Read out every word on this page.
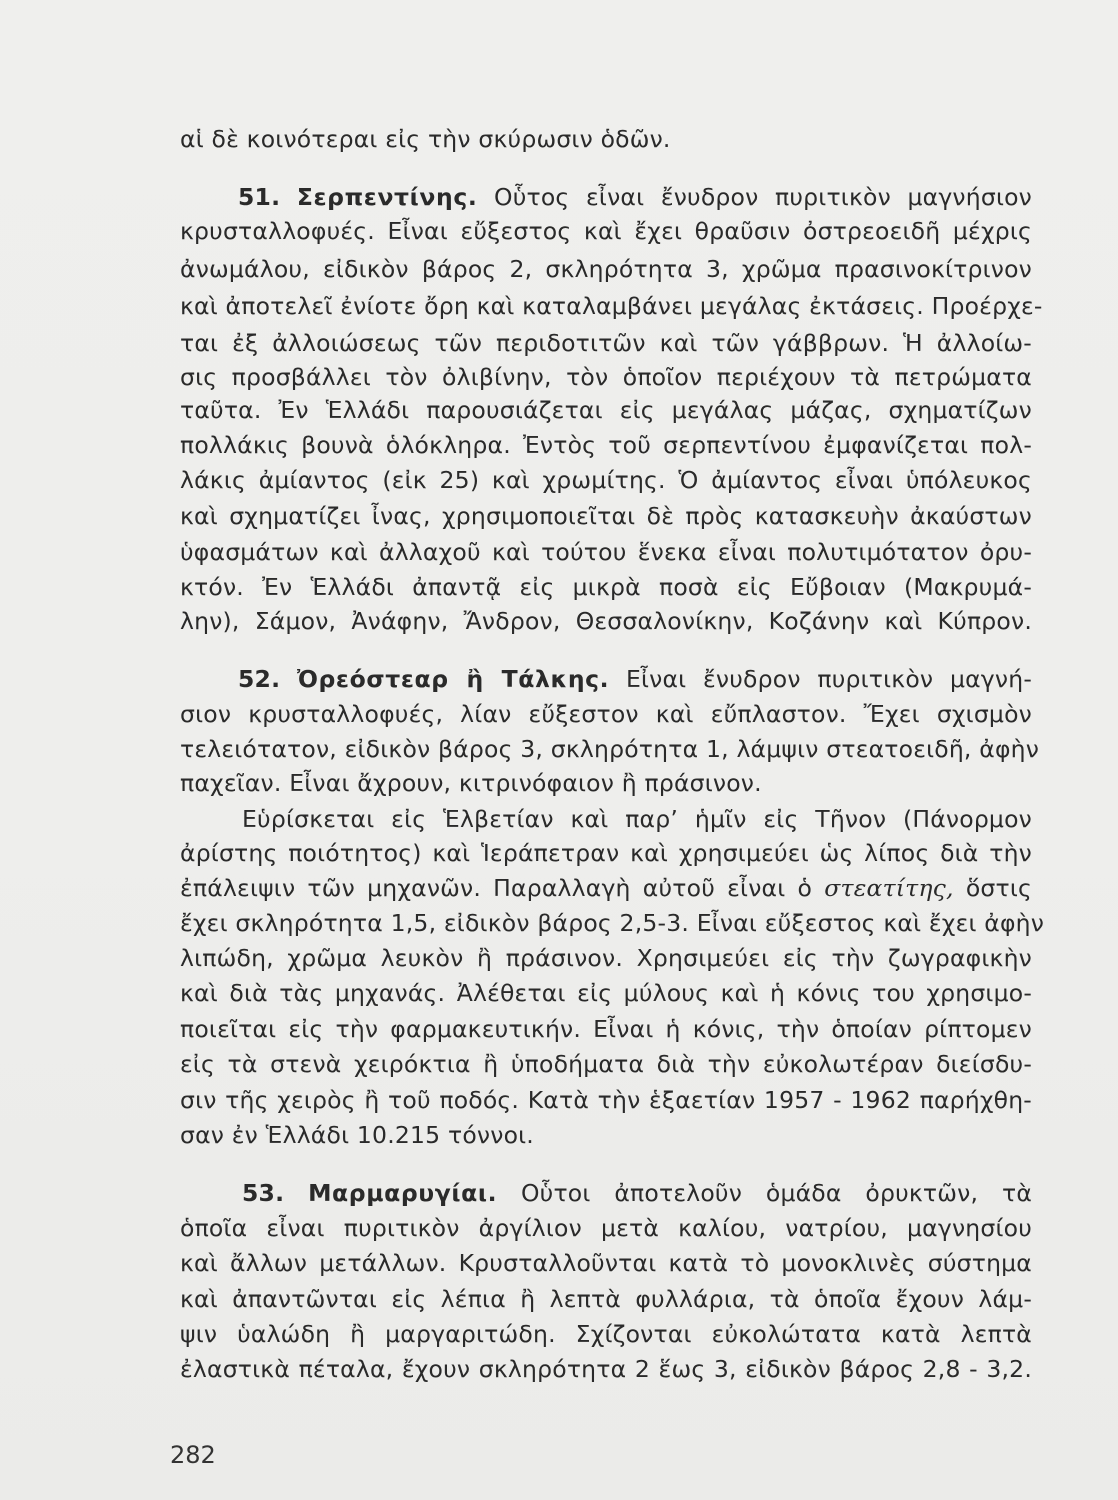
αἱ δὲ κοινότεραι εἰς τὴν σκύρωσιν ὁδῶν.
51. Σερπεντίνης. Οὗτος εἶναι ἔνυδρον πυριτικὸν μαγνήσιον
κρυσταλλοφυές. Εἶναι εὔξεστος καὶ ἔχει θραῦσιν ὀστρεοειδῆ μέχρις
ἀνωμάλου, εἰδικὸν βάρος 2, σκληρότητα 3, χρῶμα πρασινοκίτρινον
καὶ ἀποτελεῖ ἐνίοτε ὄρη καὶ καταλαμβάνει μεγάλας ἐκτάσεις. Προέρχε-
ται ἐξ ἀλλοιώσεως τῶν περιδοτιτῶν καὶ τῶν γάββρων. Ἡ ἀλλοίω-
σις προσβάλλει τὸν ὀλιβίνην, τὸν ὁποῖον περιέχουν τὰ πετρώματα
ταῦτα. Ἐν Ἑλλάδι παρουσιάζεται εἰς μεγάλας μάζας, σχηματίζων
πολλάκις βουνὰ ὁλόκληρα. Ἐντὸς τοῦ σερπεντίνου ἐμφανίζεται πολ-
λάκις ἀμίαντος (εἰκ 25) καὶ χρωμίτης. Ὁ ἀμίαντος εἶναι ὑπόλευκος
καὶ σχηματίζει ἶνας, χρησιμοποιεῖται δὲ πρὸς κατασκευὴν ἀκαύστων
ὑφασμάτων καὶ ἀλλαχοῦ καὶ τούτου ἕνεκα εἶναι πολυτιμότατον ὀρυ-
κτόν. Ἐν Ἑλλάδι ἀπαντᾷ εἰς μικρὰ ποσὰ εἰς Εὔβοιαν (Μακρυμά-
λην), Σάμον, Ἀνάφην, Ἄνδρον, Θεσσαλονίκην, Κοζάνην καὶ Κύπρον.
52. Ὀρεόστεαρ ἢ Τάλκης. Εἶναι ἔνυδρον πυριτικὸν μαγνή-
σιον κρυσταλλοφυές, λίαν εὔξεστον καὶ εὔπλαστον. Ἔχει σχισμὸν
τελειότατον, εἰδικὸν βάρος 3, σκληρότητα 1, λάμψιν στεατοειδῆ, ἀφὴν
παχεῖαν. Εἶναι ἄχρουν, κιτρινόφαιον ἢ πράσινον.
Εὑρίσκεται εἰς Ἑλβετίαν καὶ παρ’ ἡμῖν εἰς Τῆνον (Πάνορμον
ἀρίστης ποιότητος) καὶ Ἱεράπετραν καὶ χρησιμεύει ὡς λίπος διὰ τὴν
ἐπάλειψιν τῶν μηχανῶν. Παραλλαγὴ αὐτοῦ εἶναι ὁ στεατίτης, ὅστις
ἔχει σκληρότητα 1,5, εἰδικὸν βάρος 2,5-3. Εἶναι εὔξεστος καὶ ἔχει ἀφὴν
λιπώδη, χρῶμα λευκὸν ἢ πράσινον. Χρησιμεύει εἰς τὴν ζωγραφικὴν
καὶ διὰ τὰς μηχανάς. Ἀλέθεται εἰς μύλους καὶ ἡ κόνις του χρησιμο-
ποιεῖται εἰς τὴν φαρμακευτικήν. Εἶναι ἡ κόνις, τὴν ὁποίαν ρίπτομεν
εἰς τὰ στενὰ χειρόκτια ἢ ὑποδήματα διὰ τὴν εὐκολωτέραν διείσδυ-
σιν τῆς χειρὸς ἢ τοῦ ποδός. Κατὰ τὴν ἑξαετίαν 1957 - 1962 παρήχθη-
σαν ἐν Ἑλλάδι 10.215 τόννοι.
53. Μαρμαρυγίαι. Οὗτοι ἀποτελοῦν ὁμάδα ὀρυκτῶν, τὰ
ὁποῖα εἶναι πυριτικὸν ἀργίλιον μετὰ καλίου, νατρίου, μαγνησίου
καὶ ἄλλων μετάλλων. Κρυσταλλοῦνται κατὰ τὸ μονοκλινὲς σύστημα
καὶ ἀπαντῶνται εἰς λέπια ἢ λεπτὰ φυλλάρια, τὰ ὁποῖα ἔχουν λάμ-
ψιν ὑαλώδη ἢ μαργαριτώδη. Σχίζονται εὐκολώτατα κατὰ λεπτὰ
ἐλαστικὰ πέταλα, ἔχουν σκληρότητα 2 ἕως 3, εἰδικὸν βάρος 2,8 - 3,2.
282
